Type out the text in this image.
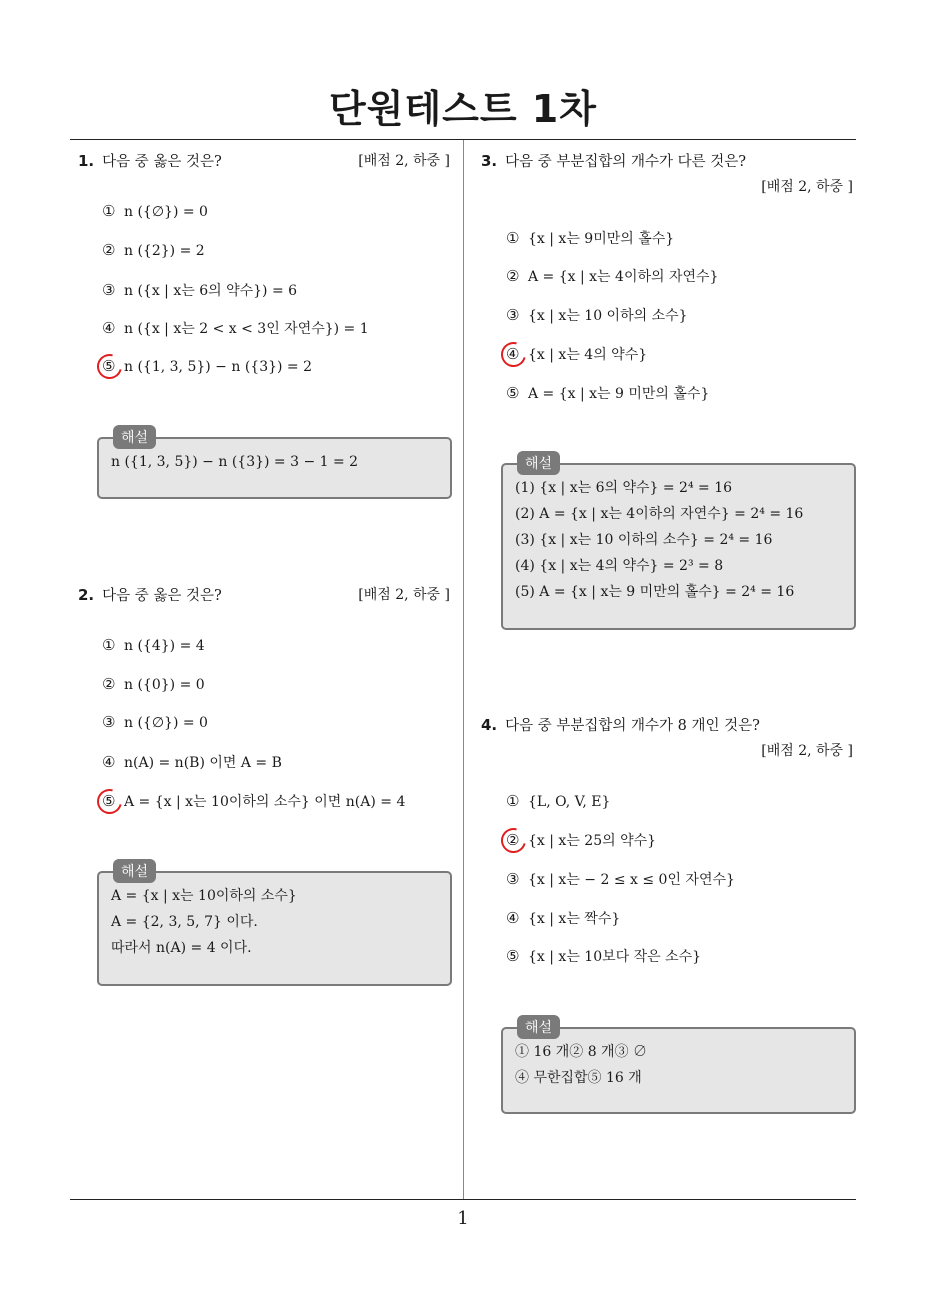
단원테스트 1차
1. 다음 중 옳은 것은?	[배점 2, 하중 ]
① n ({∅}) = 0
② n ({2}) = 2
③ n ({x | x는 6의 약수}) = 6
④ n ({x | x는 2 < x < 3인 자연수}) = 1
⑤ n ({1, 3, 5}) − n ({3}) = 2
해설
n ({1, 3, 5}) − n ({3}) = 3 − 1 = 2
2. 다음 중 옳은 것은?	[배점 2, 하중 ]
① n ({4}) = 4
② n ({0}) = 0
③ n ({∅}) = 0
④ n(A) = n(B) 이면 A = B
⑤ A = {x | x는 10이하의 소수} 이면 n(A) = 4
해설
A = {x | x는 10이하의 소수}
A = {2, 3, 5, 7} 이다.
따라서 n(A) = 4 이다.
3. 다음 중 부분집합의 개수가 다른 것은?
[배점 2, 하중 ]
① {x | x는 9미만의 홀수}
② A = {x | x는 4이하의 자연수}
③ {x | x는 10 이하의 소수}
④ {x | x는 4의 약수}
⑤ A = {x | x는 9 미만의 홀수}
해설
(1) {x | x는 6의 약수} = 2⁴ = 16
(2) A = {x | x는 4이하의 자연수} = 2⁴ = 16
(3) {x | x는 10 이하의 소수} = 2⁴ = 16
(4) {x | x는 4의 약수} = 2³ = 8
(5) A = {x | x는 9 미만의 홀수} = 2⁴ = 16
4. 다음 중 부분집합의 개수가 8 개인 것은?
[배점 2, 하중 ]
① {L, O, V, E}
② {x | x는 25의 약수}
③ {x | x는 − 2 ≤ x ≤ 0인 자연수}
④ {x | x는 짝수}
⑤ {x | x는 10보다 작은 소수}
해설
① 16 개② 8 개③ ∅
④ 무한집합⑤ 16 개
1
